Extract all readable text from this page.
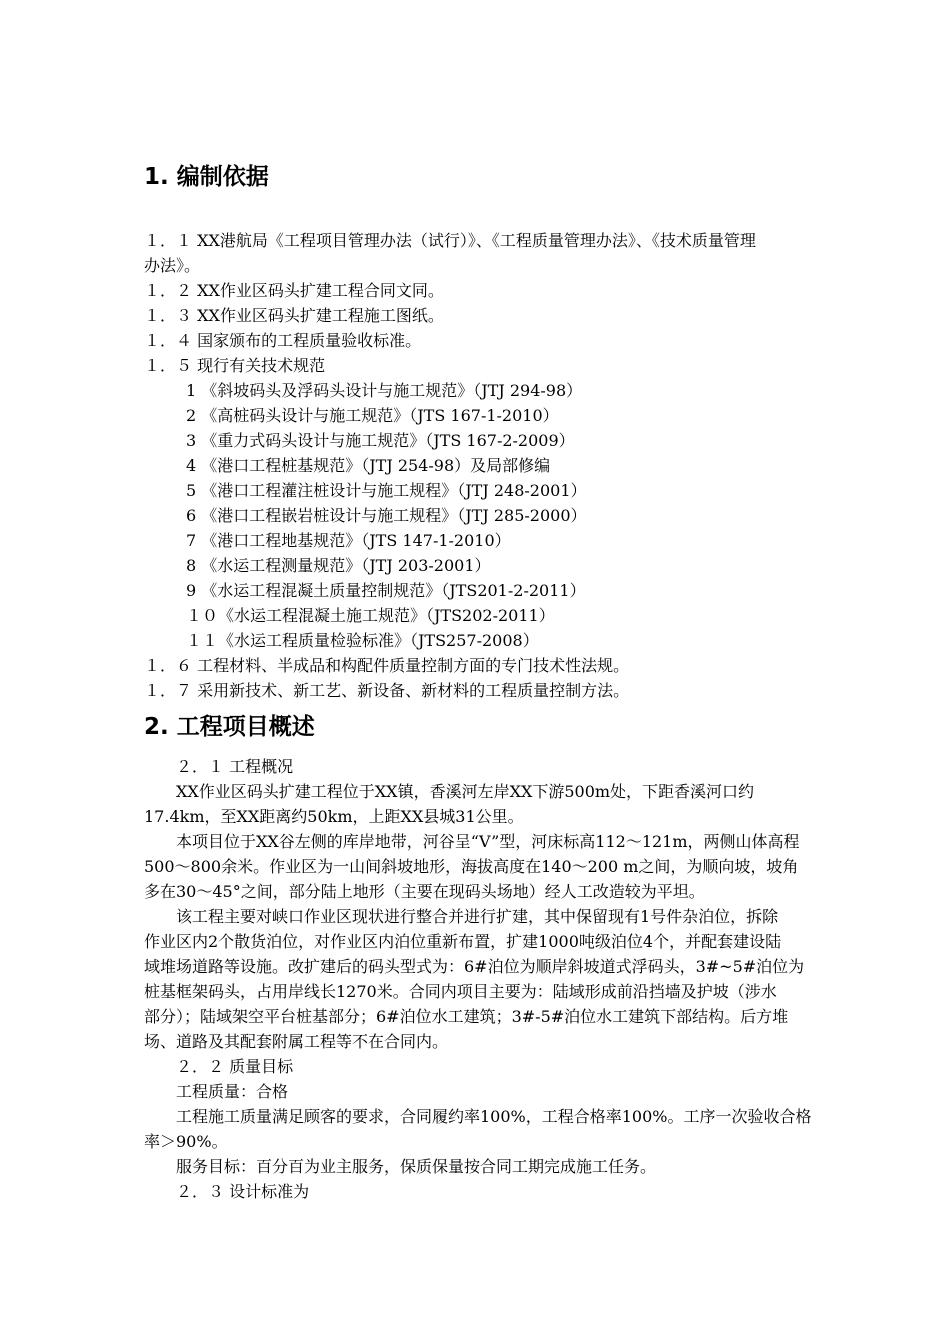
1. 编制依据
１．１ XX港航局《工程项目管理办法（试行）》、《工程质量管理办法》、《技术质量管理
办法》。
１．２ XX作业区码头扩建工程合同文同。
１．３ XX作业区码头扩建工程施工图纸。
１．４ 国家颁布的工程质量验收标准。
１．５ 现行有关技术规范
1 《斜坡码头及浮码头设计与施工规范》（JTJ 294-98）
2 《高桩码头设计与施工规范》（JTS 167-1-2010）
3 《重力式码头设计与施工规范》（JTS 167-2-2009）
4 《港口工程桩基规范》（JTJ 254-98）及局部修编
5 《港口工程灌注桩设计与施工规程》（JTJ 248-2001）
6 《港口工程嵌岩桩设计与施工规程》（JTJ 285-2000）
7 《港口工程地基规范》（JTS 147-1-2010）
8 《水运工程测量规范》（JTJ 203-2001）
9 《水运工程混凝土质量控制规范》（JTS201-2-2011）
１０《水运工程混凝土施工规范》（JTS202-2011）
１１《水运工程质量检验标准》（JTS257-2008）
１．６ 工程材料、半成品和构配件质量控制方面的专门技术性法规。
１．７ 采用新技术、新工艺、新设备、新材料的工程质量控制方法。
2. 工程项目概述
２．１ 工程概况
XX作业区码头扩建工程位于XX镇，香溪河左岸XX下游500m处，下距香溪河口约
17.4km，至XX距离约50km，上距XX县城31公里。
本项目位于XX谷左侧的库岸地带，河谷呈“V”型，河床标高112～121m，两侧山体高程
500～800余米。作业区为一山间斜坡地形，海拔高度在140～200 m之间，为顺向坡，坡角
多在30～45°之间，部分陆上地形（主要在现码头场地）经人工改造较为平坦。
该工程主要对峡口作业区现状进行整合并进行扩建，其中保留现有1号件杂泊位，拆除
作业区内2个散货泊位，对作业区内泊位重新布置，扩建1000吨级泊位4个，并配套建设陆
域堆场道路等设施。改扩建后的码头型式为：6#泊位为顺岸斜坡道式浮码头，3#~5#泊位为
桩基框架码头，占用岸线长1270米。合同内项目主要为：陆域形成前沿挡墙及护坡（涉水
部分）；陆域架空平台桩基部分；6#泊位水工建筑；3#-5#泊位水工建筑下部结构。后方堆
场、道路及其配套附属工程等不在合同内。
２．２ 质量目标
工程质量：合格
工程施工质量满足顾客的要求，合同履约率100%，工程合格率100%。工序一次验收合格
率＞90%。
服务目标：百分百为业主服务，保质保量按合同工期完成施工任务。
２．３ 设计标准为
